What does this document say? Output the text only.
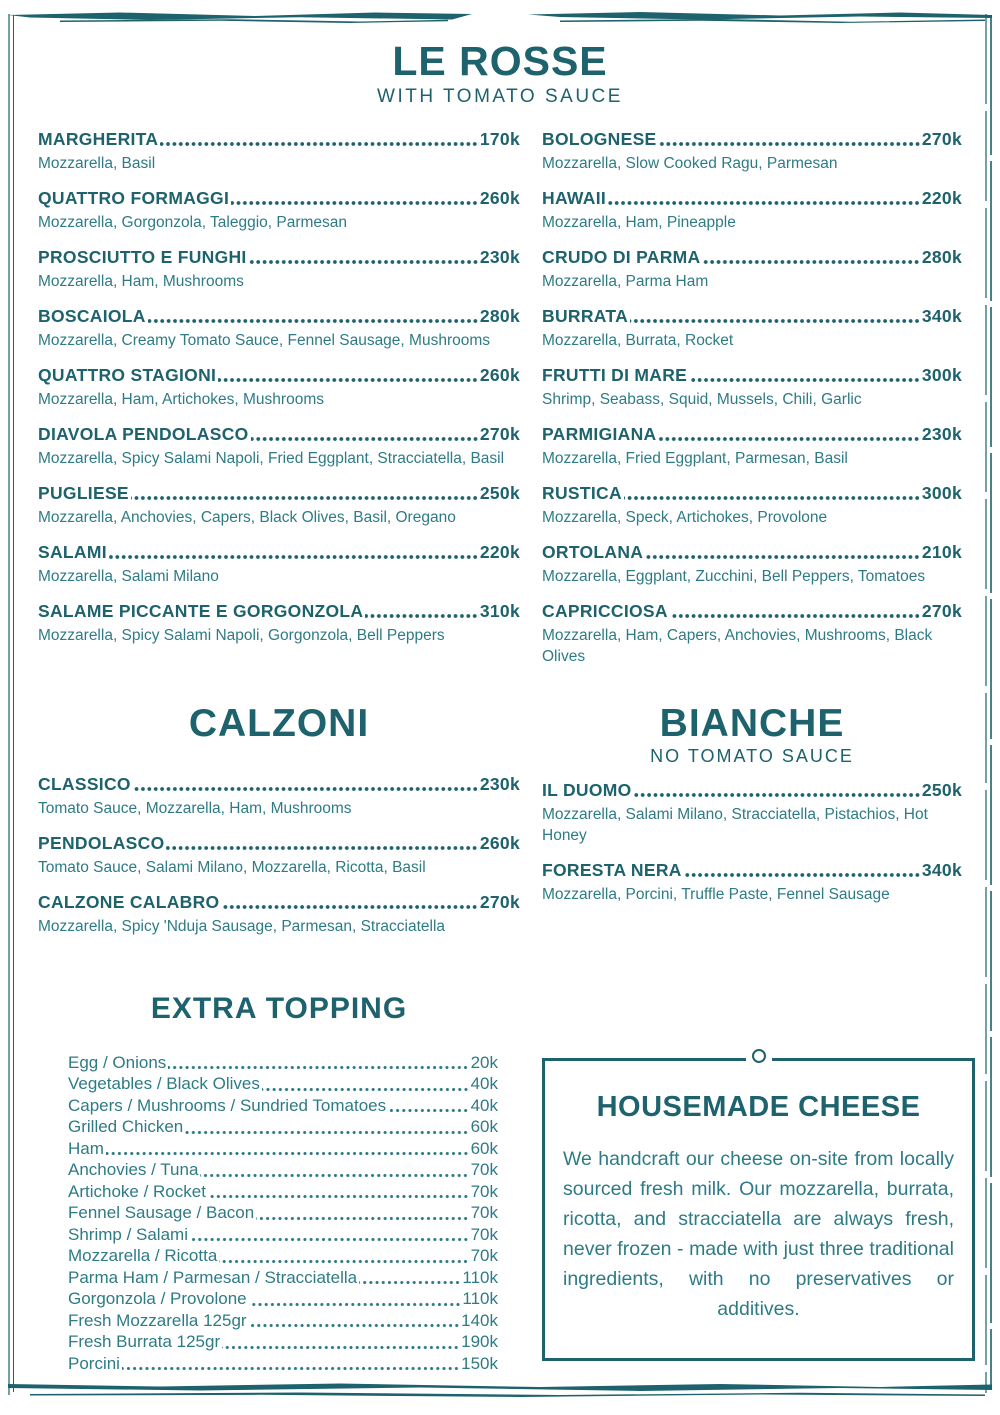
LE ROSSE
WITH TOMATO SAUCE
MARGHERITA	170k
Mozzarella, Basil
QUATTRO FORMAGGI	260k
Mozzarella, Gorgonzola, Taleggio, Parmesan
PROSCIUTTO E FUNGHI	230k
Mozzarella, Ham, Mushrooms
BOSCAIOLA	280k
Mozzarella, Creamy Tomato Sauce, Fennel Sausage, Mushrooms
QUATTRO STAGIONI	260k
Mozzarella, Ham, Artichokes, Mushrooms
DIAVOLA PENDOLASCO	270k
Mozzarella, Spicy Salami Napoli, Fried Eggplant, Stracciatella, Basil
PUGLIESE	250k
Mozzarella, Anchovies, Capers, Black Olives, Basil, Oregano
SALAMI	220k
Mozzarella, Salami Milano
SALAME PICCANTE E GORGONZOLA	310k
Mozzarella, Spicy Salami Napoli, Gorgonzola, Bell Peppers
BOLOGNESE	270k
Mozzarella, Slow Cooked Ragu, Parmesan
HAWAII	220k
Mozzarella, Ham, Pineapple
CRUDO DI PARMA	280k
Mozzarella, Parma Ham
BURRATA	340k
Mozzarella, Burrata, Rocket
FRUTTI DI MARE	300k
Shrimp, Seabass, Squid, Mussels, Chili, Garlic
PARMIGIANA	230k
Mozzarella, Fried Eggplant, Parmesan, Basil
RUSTICA	300k
Mozzarella, Speck, Artichokes, Provolone
ORTOLANA	210k
Mozzarella, Eggplant, Zucchini, Bell Peppers, Tomatoes
CAPRICCIOSA	270k
Mozzarella, Ham, Capers, Anchovies, Mushrooms, Black Olives
CALZONI
CLASSICO	230k
Tomato Sauce, Mozzarella, Ham, Mushrooms
PENDOLASCO	260k
Tomato Sauce, Salami Milano, Mozzarella, Ricotta, Basil
CALZONE CALABRO	270k
Mozzarella, Spicy 'Nduja Sausage, Parmesan, Stracciatella
BIANCHE
NO TOMATO SAUCE
IL DUOMO	250k
Mozzarella, Salami Milano, Stracciatella, Pistachios, Hot Honey
FORESTA NERA	340k
Mozzarella, Porcini, Truffle Paste, Fennel Sausage
EXTRA TOPPING
Egg / Onions	20k
Vegetables / Black Olives	40k
Capers / Mushrooms / Sundried Tomatoes	40k
Grilled Chicken	60k
Ham	60k
Anchovies / Tuna	70k
Artichoke / Rocket	70k
Fennel Sausage / Bacon	70k
Shrimp / Salami	70k
Mozzarella / Ricotta	70k
Parma Ham / Parmesan / Stracciatella	110k
Gorgonzola / Provolone	110k
Fresh Mozzarella 125gr	140k
Fresh Burrata 125gr	190k
Porcini	150k
HOUSEMADE CHEESE
We handcraft our cheese on-site from locally sourced fresh milk. Our mozzarella, burrata, ricotta, and stracciatella are always fresh, never frozen - made with just three traditional ingredients, with no preservatives or additives.
